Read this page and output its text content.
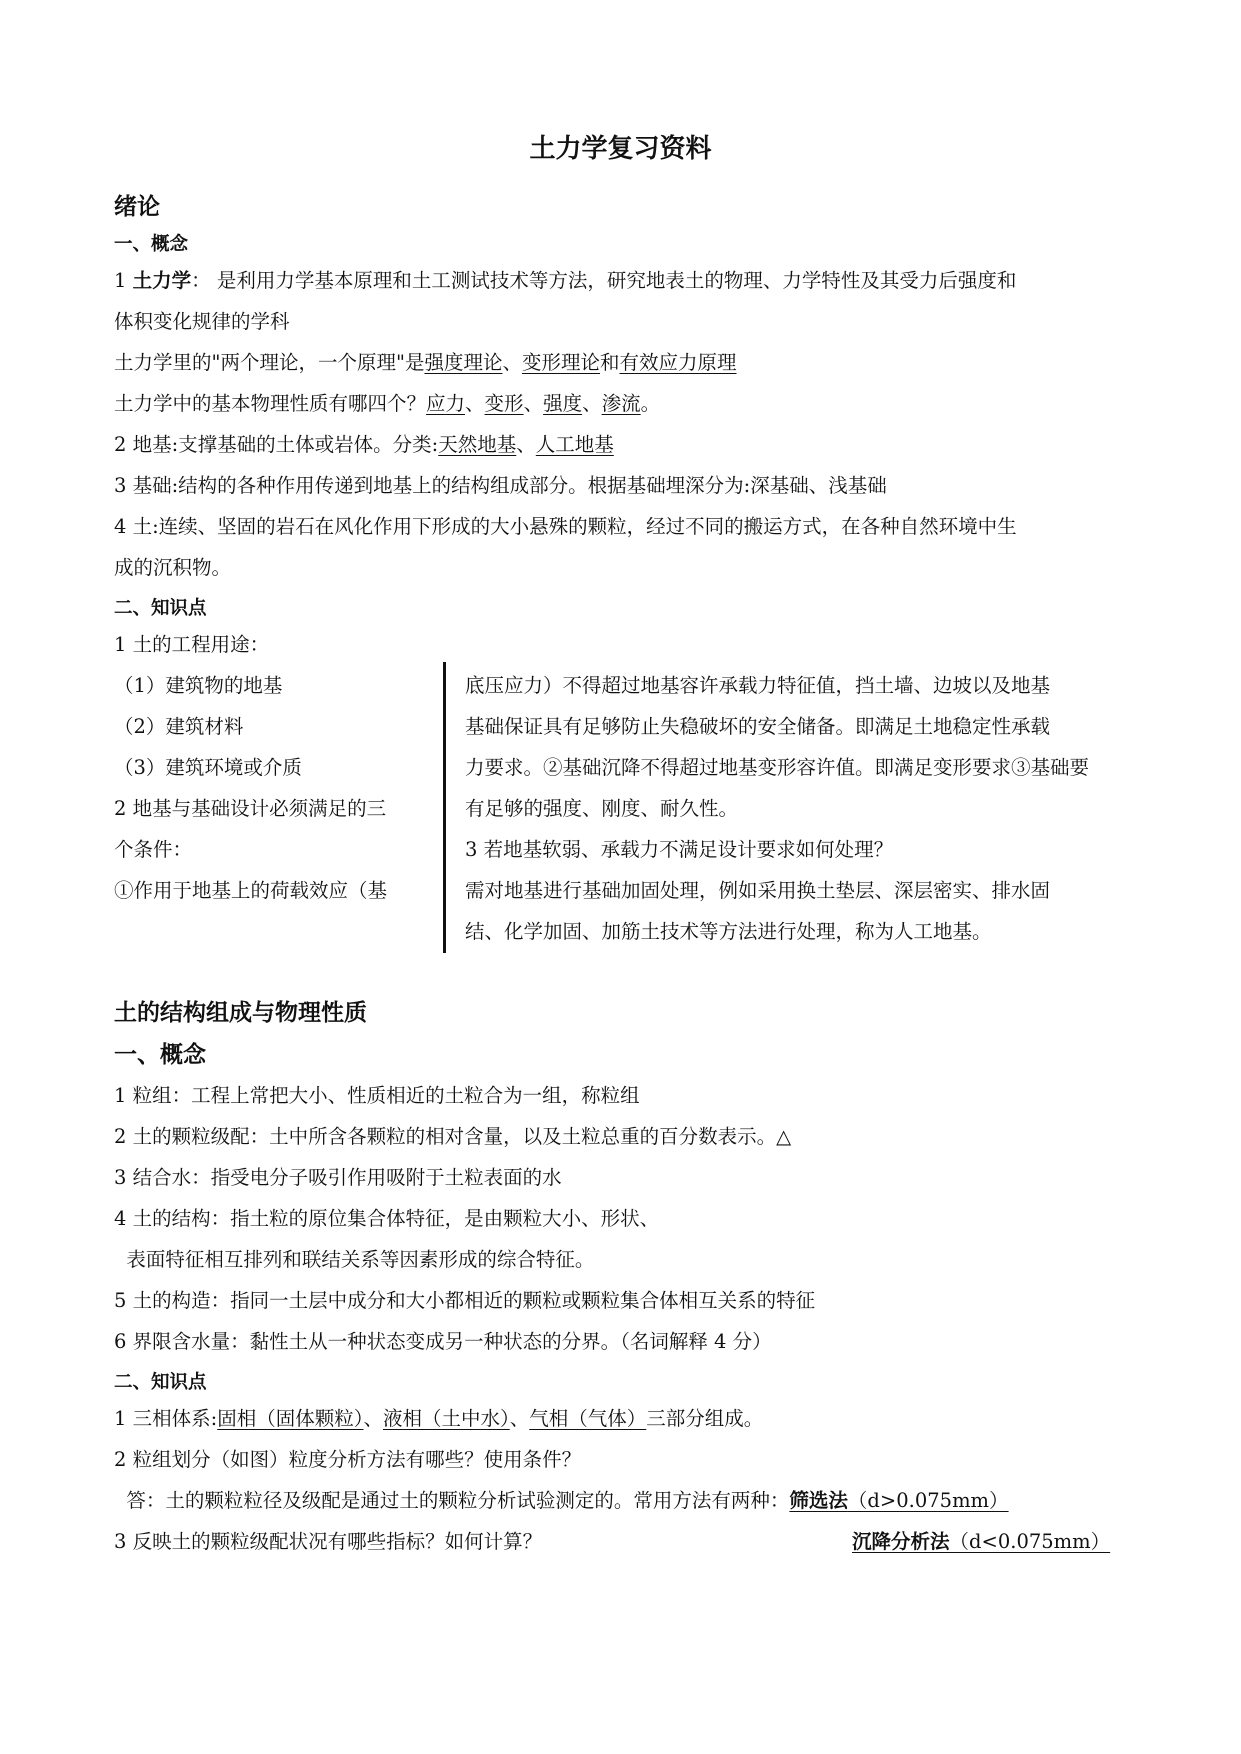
土力学复习资料
绪论
一、概念
1 土力学： 是利用力学基本原理和土工测试技术等方法，研究地表土的物理、力学特性及其受力后强度和
体积变化规律的学科
土力学里的"两个理论，一个原理"是强度理论、变形理论和有效应力原理
土力学中的基本物理性质有哪四个？应力、变形、强度、渗流。
2 地基:支撑基础的土体或岩体。分类:天然地基、人工地基
3 基础:结构的各种作用传递到地基上的结构组成部分。根据基础埋深分为:深基础、浅基础
4 土:连续、坚固的岩石在风化作用下形成的大小悬殊的颗粒，经过不同的搬运方式，在各种自然环境中生
成的沉积物。
二、知识点
1 土的工程用途：
（1）建筑物的地基
（2）建筑材料
（3）建筑环境或介质
2 地基与基础设计必须满足的三
个条件：
①作用于地基上的荷载效应（基
底压应力）不得超过地基容许承载力特征值，挡土墙、边坡以及地基
基础保证具有足够防止失稳破坏的安全储备。即满足土地稳定性承载
力要求。②基础沉降不得超过地基变形容许值。即满足变形要求③基础要
有足够的强度、刚度、耐久性。
3 若地基软弱、承载力不满足设计要求如何处理？
需对地基进行基础加固处理，例如采用换土垫层、深层密实、排水固
结、化学加固、加筋土技术等方法进行处理，称为人工地基。
土的结构组成与物理性质
一、概念
1 粒组：工程上常把大小、性质相近的土粒合为一组，称粒组
2 土的颗粒级配：土中所含各颗粒的相对含量，以及土粒总重的百分数表示。△
3 结合水：指受电分子吸引作用吸附于土粒表面的水
4 土的结构：指土粒的原位集合体特征，是由颗粒大小、形状、
表面特征相互排列和联结关系等因素形成的综合特征。
5 土的构造：指同一土层中成分和大小都相近的颗粒或颗粒集合体相互关系的特征
6 界限含水量：黏性土从一种状态变成另一种状态的分界。（名词解释 4 分）
二、知识点
1 三相体系:固相（固体颗粒）、液相（土中水）、气相（气体）三部分组成。
2 粒组划分（如图）粒度分析方法有哪些？使用条件？
答：土的颗粒粒径及级配是通过土的颗粒分析试验测定的。常用方法有两种：筛选法（d>0.075mm）
3 反映土的颗粒级配状况有哪些指标？如何计算？	沉降分析法（d<0.075mm）
